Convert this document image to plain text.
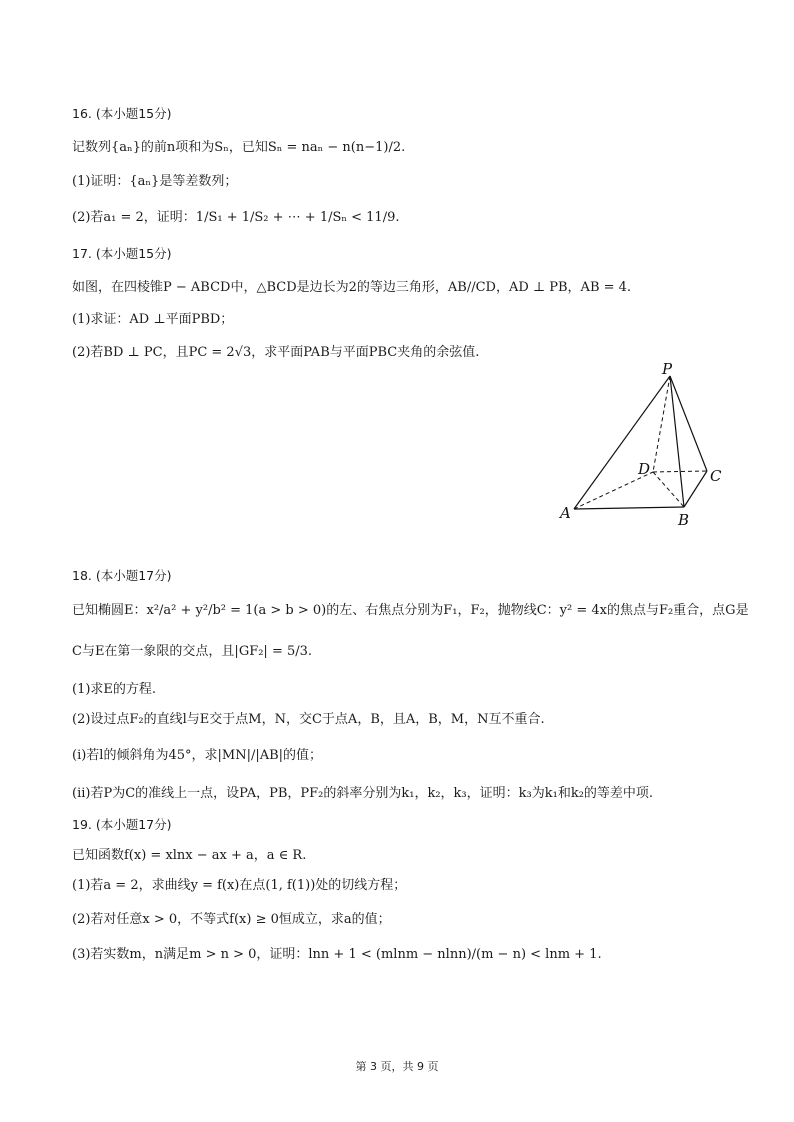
16. (本小题15分)
记数列{aₙ}的前n项和为Sₙ，已知Sₙ = naₙ − n(n−1)/2.
(1)证明：{aₙ}是等差数列；
(2)若a₁ = 2，证明：1/S₁ + 1/S₂ + ⋯ + 1/Sₙ < 11/9.
17. (本小题15分)
如图，在四棱锥P − ABCD中，△BCD是边长为2的等边三角形，AB//CD，AD ⊥ PB，AB = 4.
(1)求证：AD ⊥平面PBD；
(2)若BD ⊥ PC，且PC = 2√3，求平面PAB与平面PBC夹角的余弦值.
P
A	B
C
D
18. (本小题17分)
已知椭圆E：x²/a² + y²/b² = 1(a > b > 0)的左、右焦点分别为F₁，F₂，抛物线C：y² = 4x的焦点与F₂重合，点G是
C与E在第一象限的交点，且|GF₂| = 5/3.
(1)求E的方程.
(2)设过点F₂的直线l与E交于点M，N，交C于点A，B，且A，B，M，N互不重合.
(i)若l的倾斜角为45°，求|MN|/|AB|的值；
(ii)若P为C的准线上一点，设PA，PB，PF₂的斜率分别为k₁，k₂，k₃，证明：k₃为k₁和k₂的等差中项.
19. (本小题17分)
已知函数f(x) = xlnx − ax + a，a ∈ R.
(1)若a = 2，求曲线y = f(x)在点(1, f(1))处的切线方程；
(2)若对任意x > 0，不等式f(x) ≥ 0恒成立，求a的值；
(3)若实数m，n满足m > n > 0，证明：lnn + 1 < (mlnm − nlnn)/(m − n) < lnm + 1.
第 3 页，共 9 页
